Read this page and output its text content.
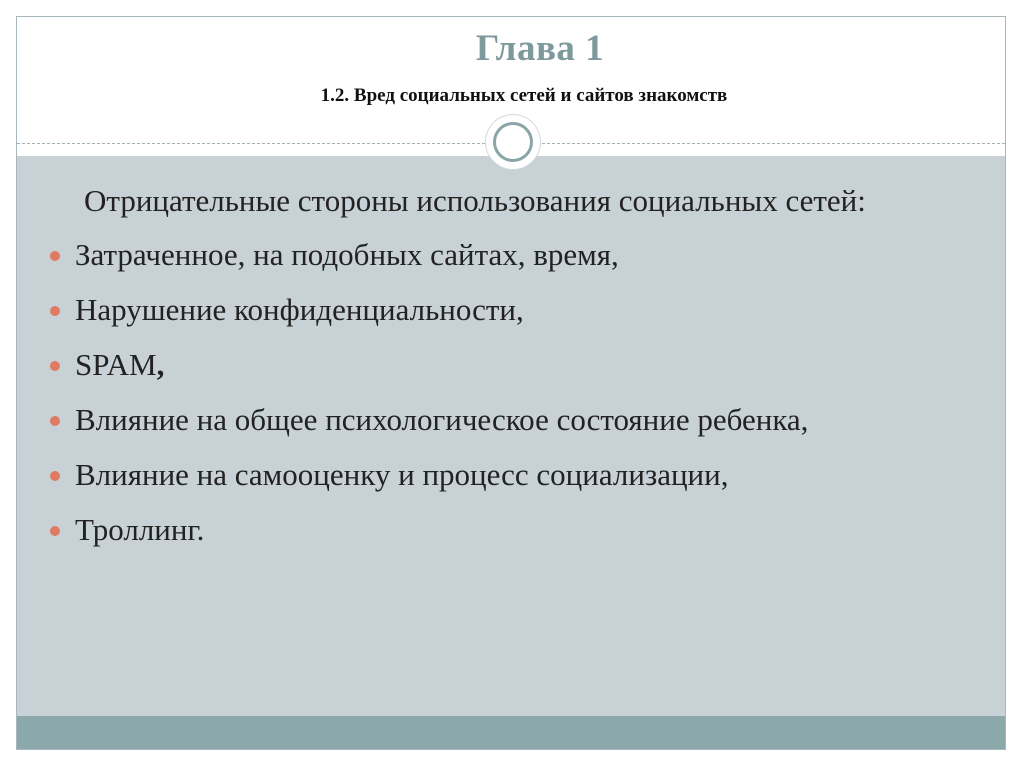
Глава 1
1.2. Вред социальных сетей и сайтов знакомств

Отрицательные стороны использования социальных сетей:

Затраченное, на подобных сайтах, время,
Нарушение конфиденциальности,
SPAM,
Влияние на общее психологическое состояние ребенка,
Влияние на самооценку и процесс социализации,
Троллинг.
